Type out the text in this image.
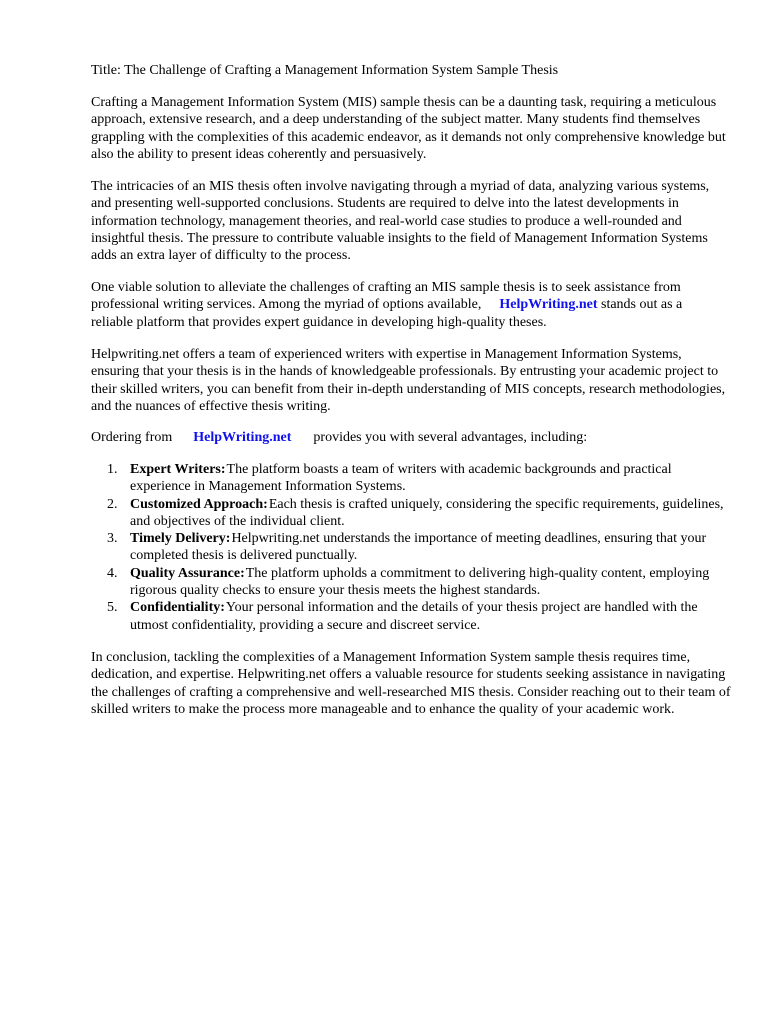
Title: The Challenge of Crafting a Management Information System Sample Thesis

Crafting a Management Information System (MIS) sample thesis can be a daunting task, requiring a meticulous approach, extensive research, and a deep understanding of the subject matter. Many students find themselves grappling with the complexities of this academic endeavor, as it demands not only comprehensive knowledge but also the ability to present ideas coherently and persuasively.

The intricacies of an MIS thesis often involve navigating through a myriad of data, analyzing various systems, and presenting well-supported conclusions. Students are required to delve into the latest developments in information technology, management theories, and real-world case studies to produce a well-rounded and insightful thesis. The pressure to contribute valuable insights to the field of Management Information Systems adds an extra layer of difficulty to the process.

One viable solution to alleviate the challenges of crafting an MIS sample thesis is to seek assistance from professional writing services. Among the myriad of options available, HelpWriting.net stands out as a reliable platform that provides expert guidance in developing high-quality theses.

Helpwriting.net offers a team of experienced writers with expertise in Management Information Systems, ensuring that your thesis is in the hands of knowledgeable professionals. By entrusting your academic project to their skilled writers, you can benefit from their in-depth understanding of MIS concepts, research methodologies, and the nuances of effective thesis writing.

Ordering from HelpWriting.net provides you with several advantages, including:

1. Expert Writers:The platform boasts a team of writers with academic backgrounds and practical experience in Management Information Systems.
2. Customized Approach:Each thesis is crafted uniquely, considering the specific requirements, guidelines, and objectives of the individual client.
3. Timely Delivery:Helpwriting.net understands the importance of meeting deadlines, ensuring that your completed thesis is delivered punctually.
4. Quality Assurance:The platform upholds a commitment to delivering high-quality content, employing rigorous quality checks to ensure your thesis meets the highest standards.
5. Confidentiality:Your personal information and the details of your thesis project are handled with the utmost confidentiality, providing a secure and discreet service.

In conclusion, tackling the complexities of a Management Information System sample thesis requires time, dedication, and expertise. Helpwriting.net offers a valuable resource for students seeking assistance in navigating the challenges of crafting a comprehensive and well-researched MIS thesis. Consider reaching out to their team of skilled writers to make the process more manageable and to enhance the quality of your academic work.
